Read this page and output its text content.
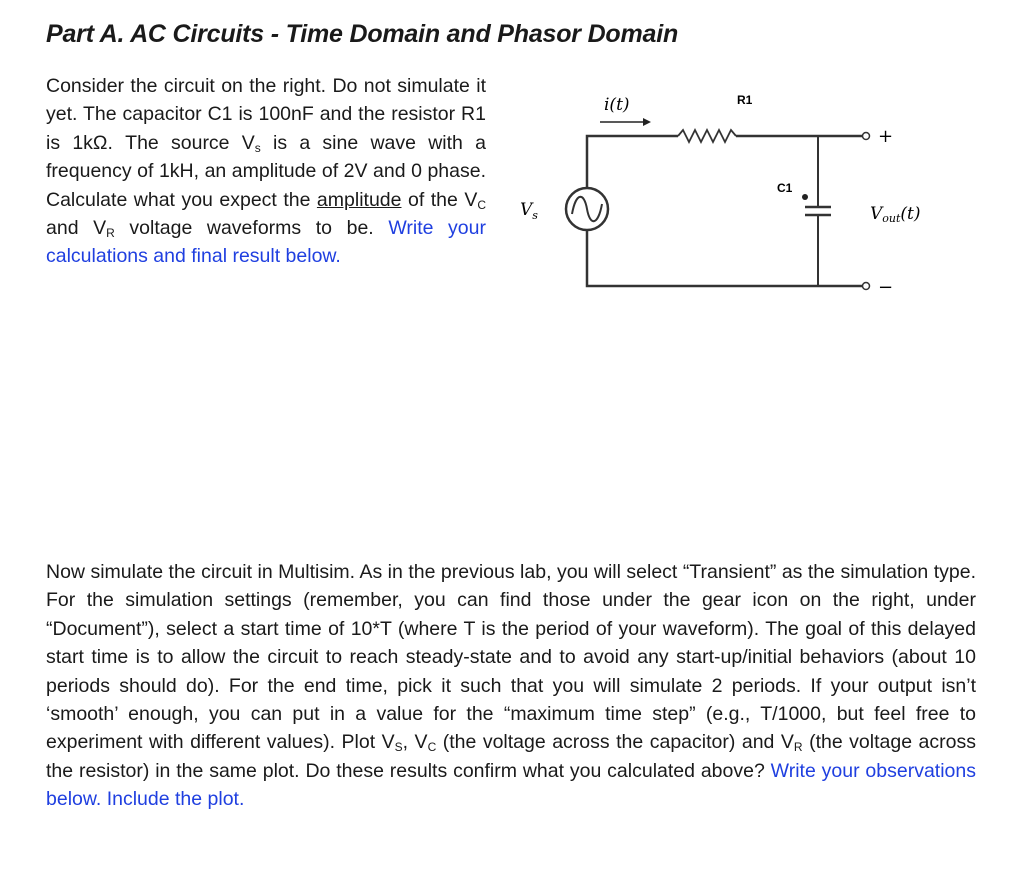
Part A. AC Circuits - Time Domain and Phasor Domain
Consider the circuit on the right. Do not simulate it yet. The capacitor C1 is 100nF and the resistor R1 is 1kΩ. The source $V_s$ is a sine wave with a frequency of 1kH, an amplitude of 2V and 0 phase. Calculate what you expect the amplitude of the $V_C$ and $V_R$ voltage waveforms to be. Write your calculations and final result below.
i(t)	R1
C1
$V_s$
+
−
Vout(t)
Now simulate the circuit in Multisim. As in the previous lab, you will select “Transient” as the simulation type. For the simulation settings (remember, you can find those under the gear icon on the right, under “Document”), select a start time of 10*T (where T is the period of your waveform). The goal of this delayed start time is to allow the circuit to reach steady-state and to avoid any start-up/initial behaviors (about 10 periods should do). For the end time, pick it such that you will simulate 2 periods. If your output isn’t ‘smooth’ enough, you can put in a value for the “maximum time step” (e.g., T/1000, but feel free to experiment with different values). Plot $V_S$, $V_C$ (the voltage across the capacitor) and $V_R$ (the voltage across the resistor) in the same plot. Do these results confirm what you calculated above? Write your observations below. Include the plot.
